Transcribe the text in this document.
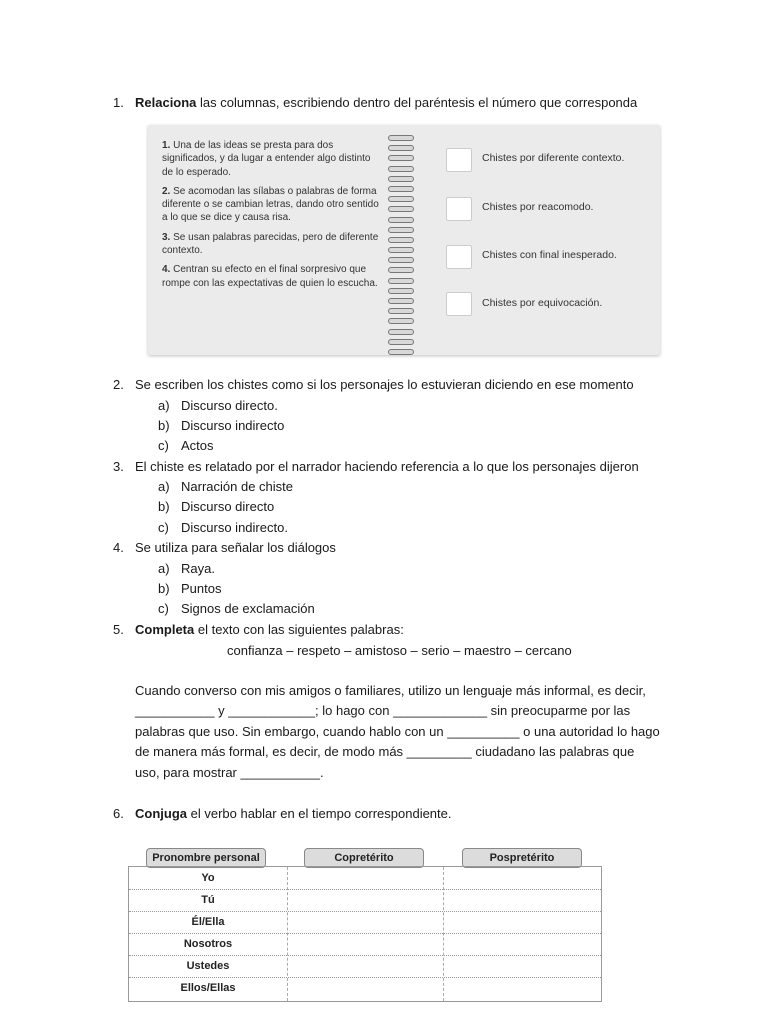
1. Relaciona las columnas, escribiendo dentro del paréntesis el número que corresponda
1. Una de las ideas se presta para dos significados, y da lugar a entender algo distinto de lo esperado.
2. Se acomodan las sílabas o palabras de forma diferente o se cambian letras, dando otro sentido a lo que se dice y causa risa.
3. Se usan palabras parecidas, pero de diferente contexto.
4. Centran su efecto en el final sorpresivo que rompe con las expectativas de quien lo escucha.
Chistes por diferente contexto.
Chistes por reacomodo.
Chistes con final inesperado.
Chistes por equivocación.
2. Se escriben los chistes como si los personajes lo estuvieran diciendo en ese momento
a) Discurso directo.
b) Discurso indirecto
c) Actos
3. El chiste es relatado por el narrador haciendo referencia a lo que los personajes dijeron
a) Narración de chiste
b) Discurso directo
c) Discurso indirecto.
4. Se utiliza para señalar los diálogos
a) Raya.
b) Puntos
c) Signos de exclamación
5. Completa el texto con las siguientes palabras:
confianza – respeto – amistoso – serio – maestro – cercano
Cuando converso con mis amigos o familiares, utilizo un lenguaje más informal, es decir,
___________ y ____________; lo hago con _____________ sin preocuparme por las
palabras que uso. Sin embargo, cuando hablo con un __________ o una autoridad lo hago
de manera más formal, es decir, de modo más _________ ciudadano las palabras que
uso, para mostrar ___________.
6. Conjuga el verbo hablar en el tiempo correspondiente.
Pronombre personal	Copretérito	Pospretérito
Yo
Tú
Él/Ella
Nosotros
Ustedes
Ellos/Ellas
